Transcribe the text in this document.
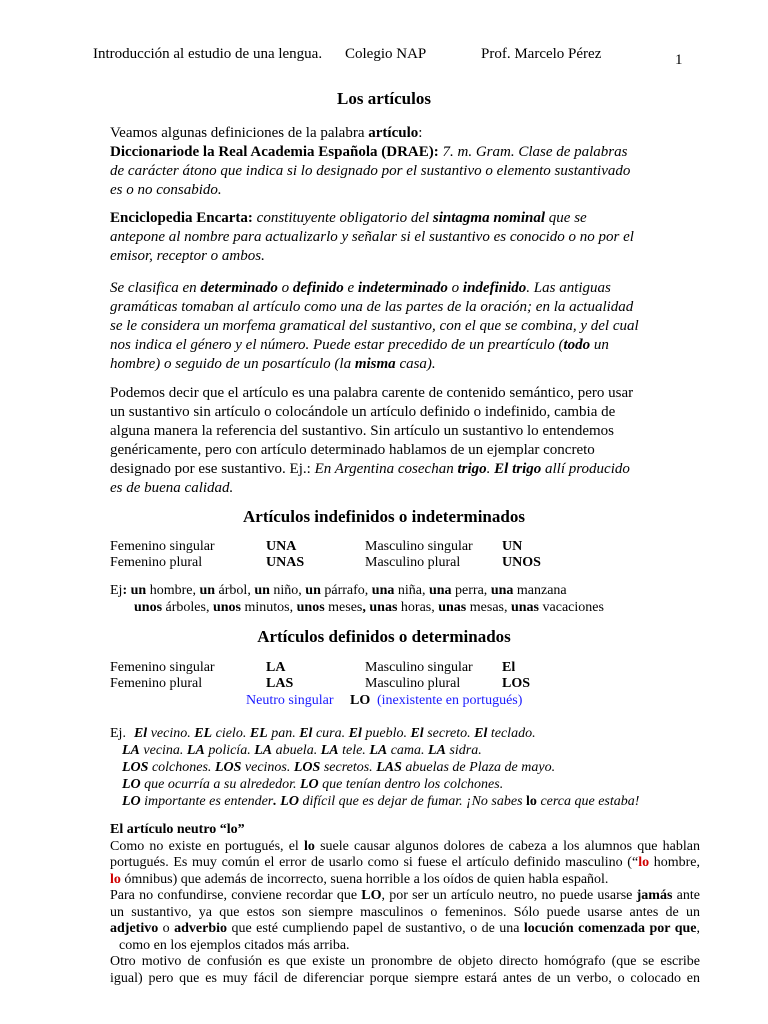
Introducción al estudio de una lengua. Colegio NAP	Prof. Marcelo Pérez	1
Los artículos
Veamos algunas definiciones de la palabra artículo:
Diccionariode la Real Academia Española (DRAE): 7. m. Gram. Clase de palabras
de carácter átono que indica si lo designado por el sustantivo o elemento sustantivado
es o no consabido.
Enciclopedia Encarta: constituyente obligatorio del sintagma nominal que se
antepone al nombre para actualizarlo y señalar si el sustantivo es conocido o no por el
emisor, receptor o ambos.
Se clasifica en determinado o definido e indeterminado o indefinido. Las antiguas
gramáticas tomaban al artículo como una de las partes de la oración; en la actualidad
se le considera un morfema gramatical del sustantivo, con el que se combina, y del cual
nos indica el género y el número. Puede estar precedido de un preartículo (todo un
hombre) o seguido de un posartículo (la misma casa).
Podemos decir que el artículo es una palabra carente de contenido semántico, pero usar
un sustantivo sin artículo o colocándole un artículo definido o indefinido, cambia de
alguna manera la referencia del sustantivo. Sin artículo un sustantivo lo entendemos
genéricamente, pero con artículo determinado hablamos de un ejemplar concreto
designado por ese sustantivo. Ej.: En Argentina cosechan trigo. El trigo allí producido
es de buena calidad.
Artículos indefinidos o indeterminados
Femenino singular	UNA	Masculino singular UN
Femenino plural	UNAS	Masculino plural	UNOS
Ej: un hombre, un árbol, un niño, un párrafo, una niña, una perra, una manzana
unos árboles, unos minutos, unos meses, unas horas, unas mesas, unas vacaciones
Artículos definidos o determinados
Femenino singular	LA	Masculino singular El
Femenino plural	LAS	Masculino plural	LOS
Neutro singular LO (inexistente en portugués)
Ej. El vecino. EL cielo. EL pan. El cura. El pueblo. El secreto. El teclado.
LA vecina. LA policía. LA abuela. LA tele. LA cama. LA sidra.
LOS colchones. LOS vecinos. LOS secretos. LAS abuelas de Plaza de mayo.
LO que ocurría a su alrededor. LO que tenían dentro los colchones.
LO importante es entender. LO difícil que es dejar de fumar. ¡No sabes lo cerca que estaba!
El artículo neutro “lo”
Como no existe en portugués, el lo suele causar algunos dolores de cabeza a los alumnos que hablan
portugués. Es muy común el error de usarlo como si fuese el artículo definido masculino (“lo hombre,
lo ómnibus) que además de incorrecto, suena horrible a los oídos de quien habla español.
Para no confundirse, conviene recordar que LO, por ser un artículo neutro, no puede usarse jamás ante
un sustantivo, ya que estos son siempre masculinos o femeninos. Sólo puede usarse antes de un
adjetivo o adverbio que esté cumpliendo papel de sustantivo, o de una locución comenzada por que,
como en los ejemplos citados más arriba.
Otro motivo de confusión es que existe un pronombre de objeto directo homógrafo (que se escribe
igual) pero que es muy fácil de diferenciar porque siempre estará antes de un verbo, o colocado en
